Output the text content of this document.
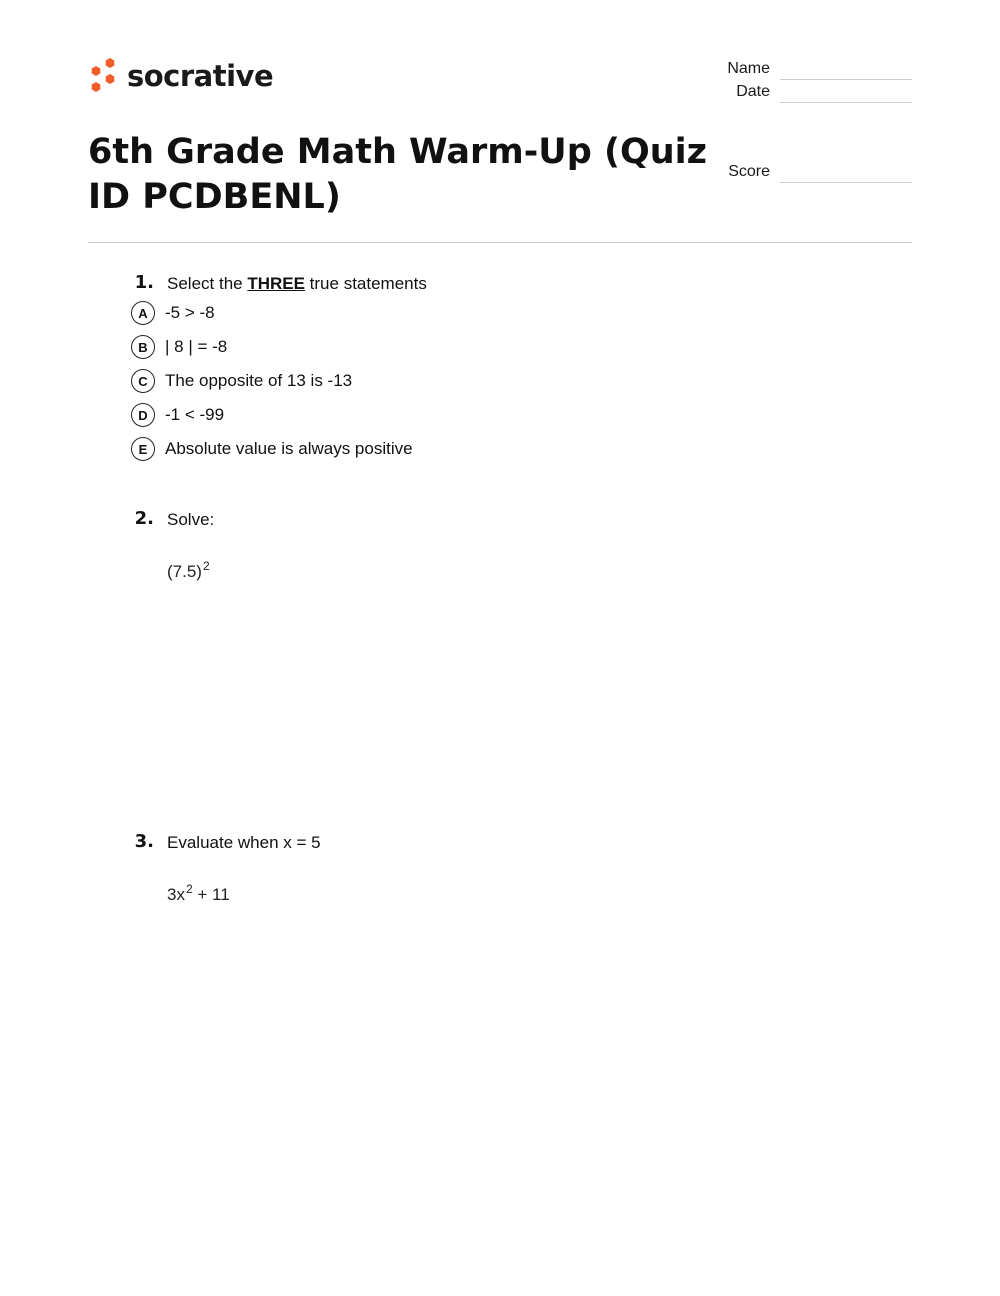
socrative	Name
Date
Score
6th Grade Math Warm-Up (Quiz ID PCDBENL)
1. Select the THREE true statements
A	-5 > -8
B	| 8 | = -8
C	The opposite of 13 is -13
D	-1 < -99
E	Absolute value is always positive
2. Solve:
$(7.5)^2$
3. Evaluate when x = 5
$3x^2 + 11$
